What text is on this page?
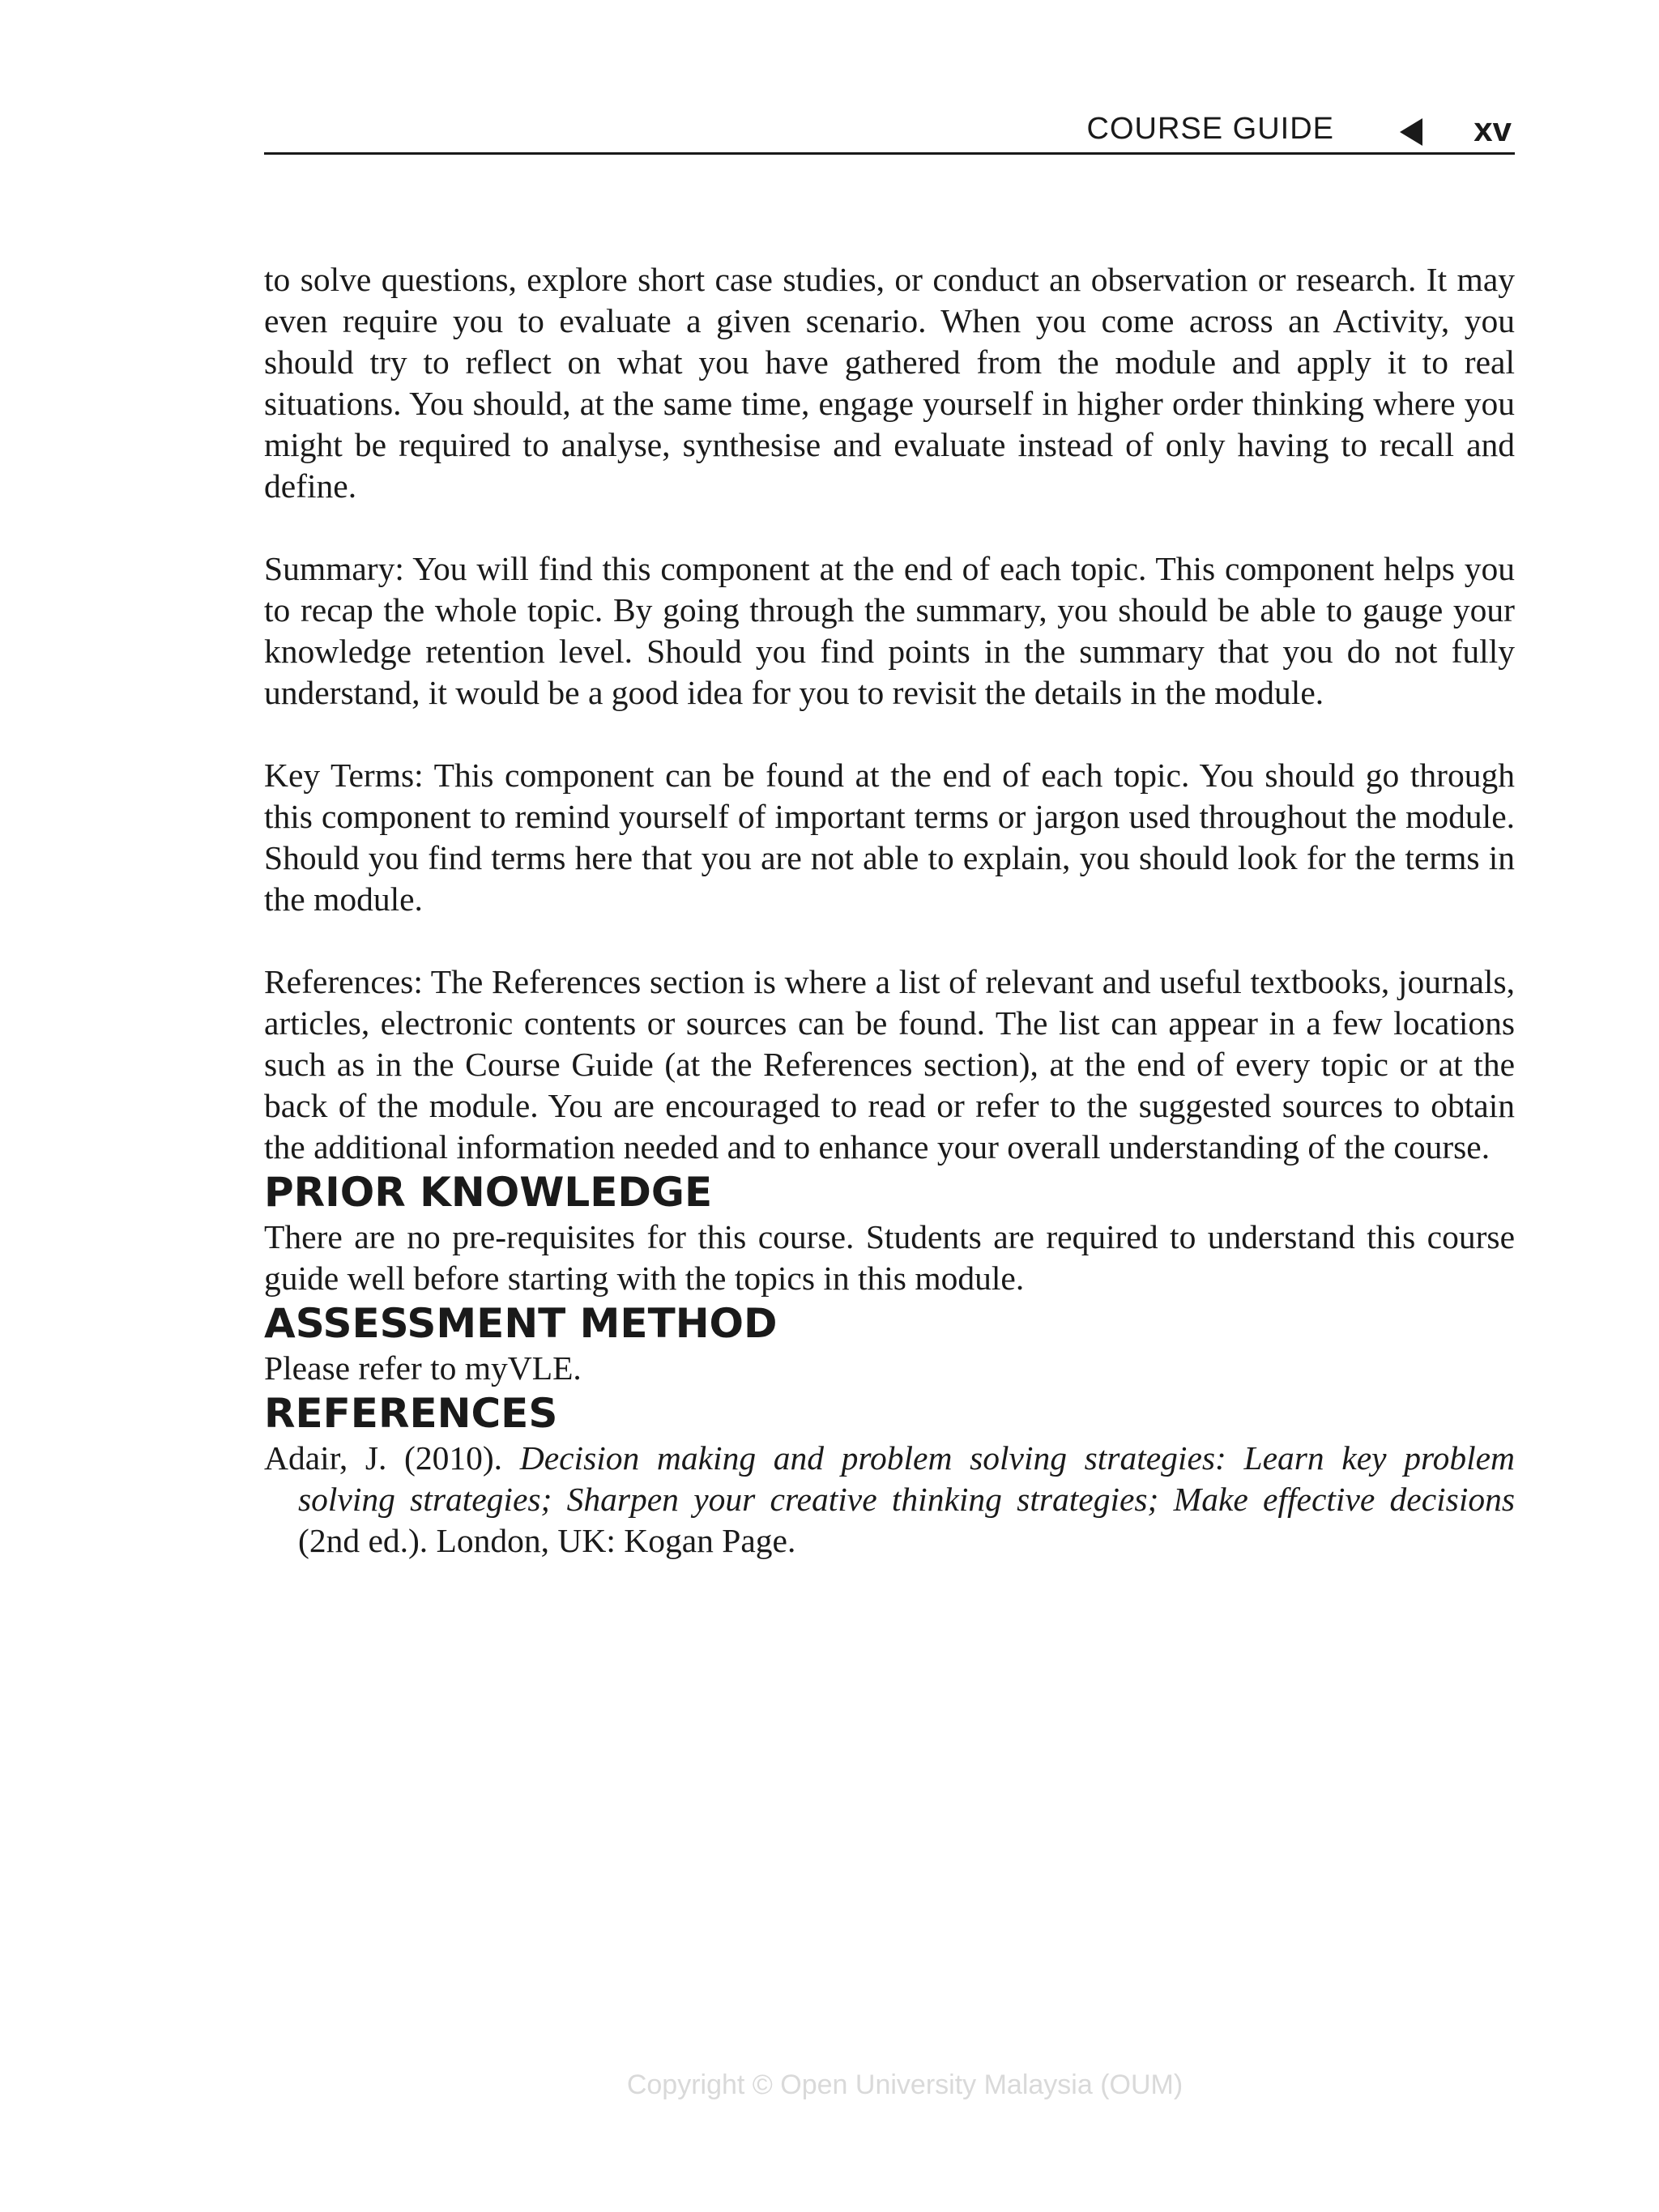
COURSE GUIDE	xv

to solve questions, explore short case studies, or conduct an observation or research. It may even require you to evaluate a given scenario. When you come across an Activity, you should try to reflect on what you have gathered from the module and apply it to real situations. You should, at the same time, engage yourself in higher order thinking where you might be required to analyse, synthesise and evaluate instead of only having to recall and define.

Summary: You will find this component at the end of each topic. This component helps you to recap the whole topic. By going through the summary, you should be able to gauge your knowledge retention level. Should you find points in the summary that you do not fully understand, it would be a good idea for you to revisit the details in the module.

Key Terms: This component can be found at the end of each topic. You should go through this component to remind yourself of important terms or jargon used throughout the module. Should you find terms here that you are not able to explain, you should look for the terms in the module.

References: The References section is where a list of relevant and useful textbooks, journals, articles, electronic contents or sources can be found. The list can appear in a few locations such as in the Course Guide (at the References section), at the end of every topic or at the back of the module. You are encouraged to read or refer to the suggested sources to obtain the additional information needed and to enhance your overall understanding of the course.

PRIOR KNOWLEDGE

There are no pre-requisites for this course. Students are required to understand this course guide well before starting with the topics in this module.

ASSESSMENT METHOD

Please refer to myVLE.

REFERENCES

Adair, J. (2010). Decision making and problem solving strategies: Learn key problem solving strategies; Sharpen your creative thinking strategies; Make effective decisions (2nd ed.). London, UK: Kogan Page.

Copyright © Open University Malaysia (OUM)
